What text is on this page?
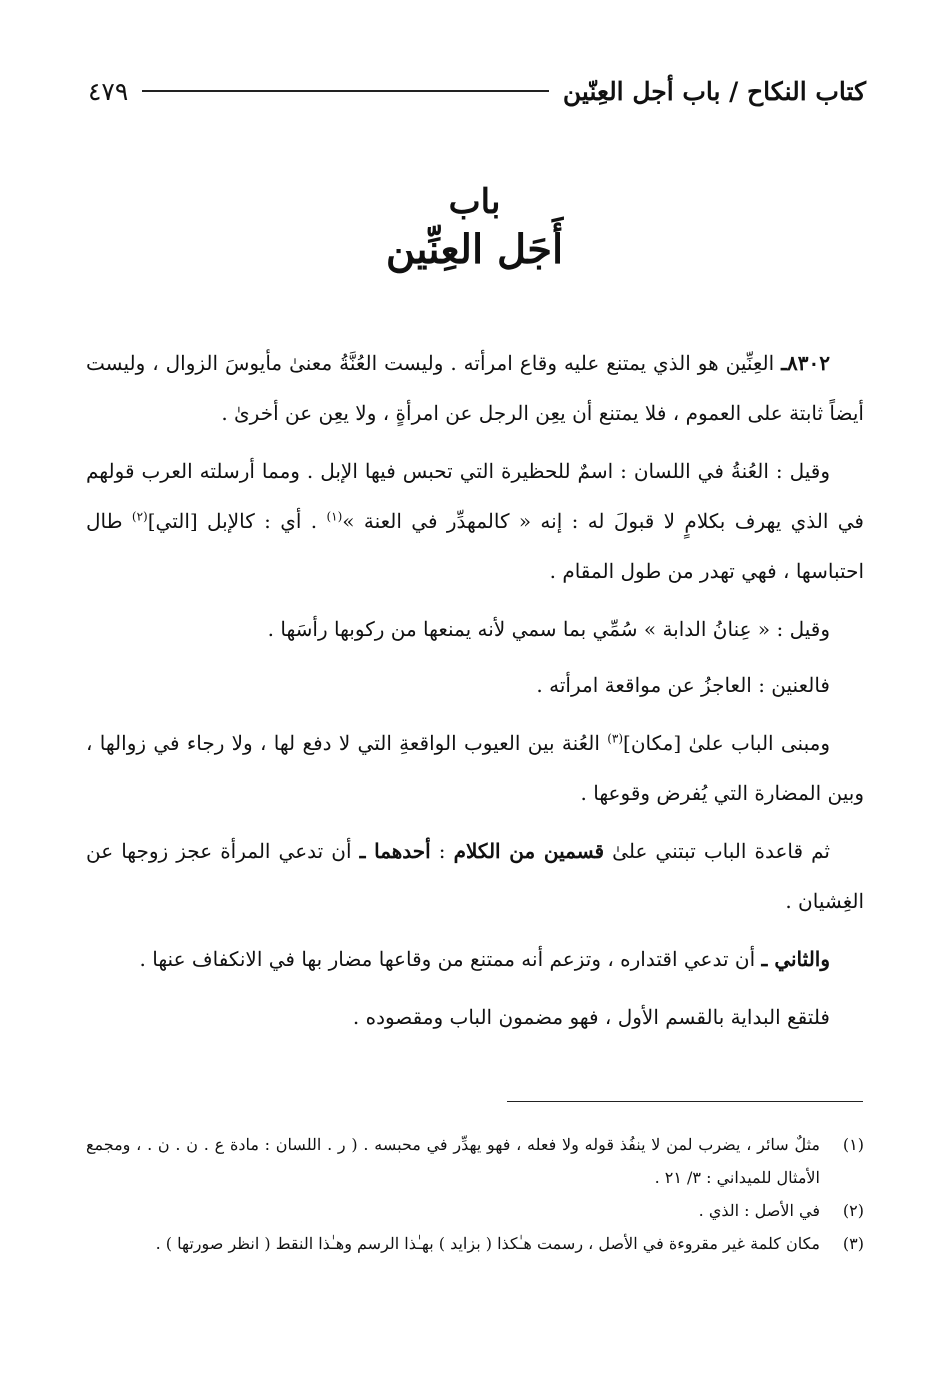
كتاب النكاح / باب أجل العِنّين
٤٧٩
باب
أَجَل العِنِّين

٨٣٠٢ـ العِنِّين هو الذي يمتنع عليه وقاع امرأته . وليست العُنَّةُ معنىٰ مأيوسَ الزوال ، وليست أيضاً ثابتة على العموم ، فلا يمتنع أن يعِن الرجل عن امرأةٍ ، ولا يعِن عن أخرىٰ .

وقيل : العُنةُ في اللسان : اسمٌ للحظيرة التي تحبس فيها الإبل . ومما أرسلته العرب قولهم في الذي يهرف بكلامٍ لا قبولَ له : إنه « كالمهدِّر في العنة »$^{(١)}$ . أي : كالإبل [التي]$^{(٢)}$ طال احتباسها ، فهي تهدر من طول المقام .

وقيل : « عِنانُ الدابة » سُمِّي بما سمي لأنه يمنعها من ركوبها رأسَها .

فالعنين : العاجزُ عن مواقعة امرأته .

ومبنى الباب علىٰ [مكان]$^{(٣)}$ العُنة بين العيوب الواقعةِ التي لا دفع لها ، ولا رجاء في زوالها ، وبين المضارة التي يُفرض وقوعها .

ثم قاعدة الباب تبتني علىٰ قسمين من الكلام : أحدهما ـ أن تدعي المرأة عجز زوجها عن الغِشيان .

والثاني ـ أن تدعي اقتداره ، وتزعم أنه ممتنع من وقاعها مضار بها في الانكفاف عنها .

فلتقع البداية بالقسم الأول ، فهو مضمون الباب ومقصوده .

(١)
مثلٌ سائر ، يضرب لمن لا ينفُذ قوله ولا فعله ، فهو يهدِّر في محبسه . ( ر . اللسان : مادة ع . ن . ن . ، ومجمع الأمثال للميداني : ٣/ ٢١ .
(٢)
في الأصل : الذي .
(٣)
مكان كلمة غير مقروءة في الأصل ، رسمت هـٰكذا ( بزايد ) بهـٰذا الرسم وهـٰذا النقط ( انظر صورتها ) .
